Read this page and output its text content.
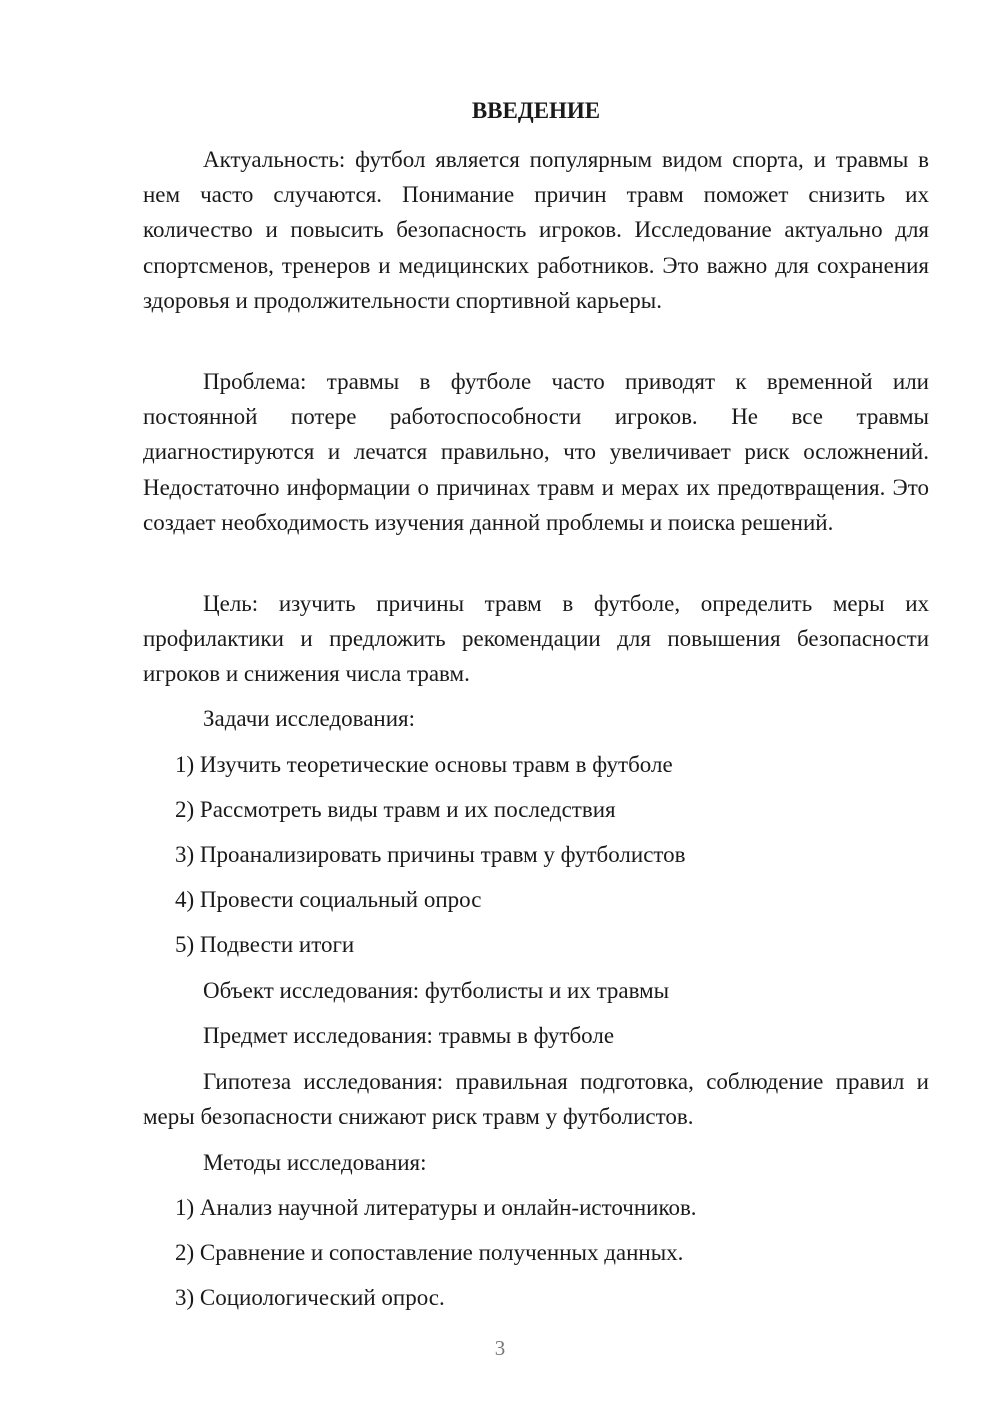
ВВЕДЕНИЕ

Актуальность: футбол является популярным видом спорта, и травмы в нем часто случаются. Понимание причин травм поможет снизить их количество и повысить безопасность игроков. Исследование актуально для спортсменов, тренеров и медицинских работников. Это важно для сохранения здоровья и продолжительности спортивной карьеры.

Проблема: травмы в футболе часто приводят к временной или постоянной потере работоспособности игроков. Не все травмы диагностируются и лечатся правильно, что увеличивает риск осложнений. Недостаточно информации о причинах травм и мерах их предотвращения. Это создает необходимость изучения данной проблемы и поиска решений.

Цель: изучить причины травм в футболе, определить меры их профилактики и предложить рекомендации для повышения безопасности игроков и снижения числа травм.

Задачи исследования:

1) Изучить теоретические основы травм в футболе

2) Рассмотреть виды травм и их последствия

3) Проанализировать причины травм у футболистов

4) Провести социальный опрос

5) Подвести итоги

Объект исследования: футболисты и их травмы

Предмет исследования: травмы в футболе

Гипотеза исследования: правильная подготовка, соблюдение правил и меры безопасности снижают риск травм у футболистов.

Методы исследования:

1) Анализ научной литературы и онлайн-источников.

2) Сравнение и сопоставление полученных данных.

3) Социологический опрос.

3
